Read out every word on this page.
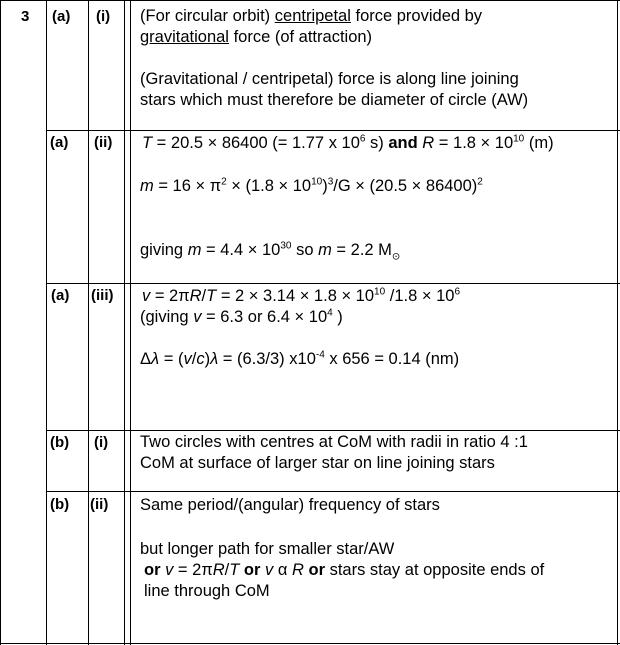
3 (a) (i) (For circular orbit) centripetal force provided by
gravitational force (of attraction)
(Gravitational / centripetal) force is along line joining
stars which must therefore be diameter of circle (AW)
(a) (ii) T = 20.5 × 86400 (= 1.77 x $10^6$ s) and $R = 1.8 \times 10^{10}$ (m)
$m = 16 \times \pi^2 \times (1.8 \times 10^{10})^3/G \times (20.5 \times 86400)^2$
giving $m = 4.4 \times 10^{30}$ so m = 2.2 $M_⊙$
(a) (iii) $v = 2\pi R/T = 2 \times 3.14 \times 1.8 \times 10^{10}$ $/1.8 \times 10^6$
(giving v = 6.3 or $6.4 \times 10^4$ )
Δλ = (v/c)λ = (6.3/3) $x10^{-4}$ x 656 = 0.14 (nm)
(b) (i) Two circles with centres at CoM with radii in ratio 4 :1
CoM at surface of larger star on line joining stars
(b) (ii) Same period/(angular) frequency of stars
but longer path for smaller star/AW
or v = 2πR/T or v α R or stars stay at opposite ends of
line through CoM
